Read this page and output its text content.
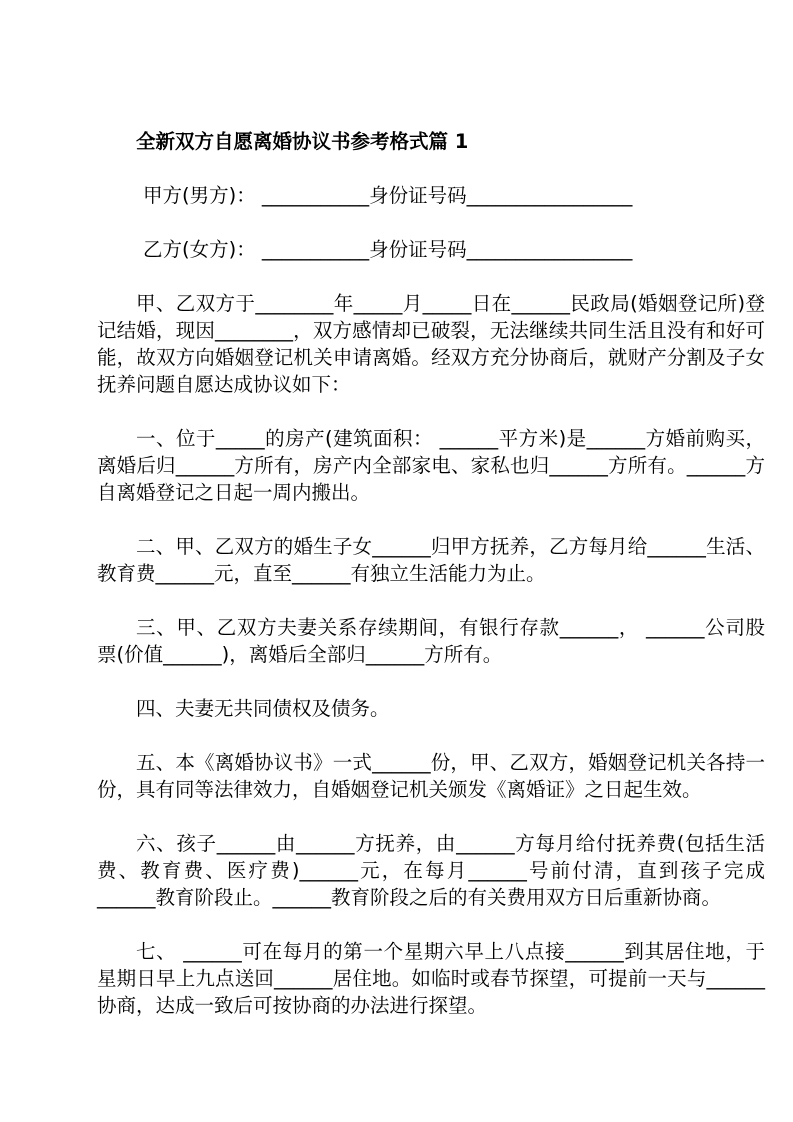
全新双方自愿离婚协议书参考格式篇 1

甲方(男方)： ___________身份证号码_________________

乙方(女方)： ___________身份证号码_________________

甲、乙双方于________年_____月_____日在______民政局(婚姻登记所)登记结婚，现因________，双方感情却已破裂，无法继续共同生活且没有和好可能，故双方向婚姻登记机关申请离婚。经双方充分协商后，就财产分割及子女抚养问题自愿达成协议如下：

一、位于_____的房产(建筑面积： ______平方米)是______方婚前购买，离婚后归______方所有，房产内全部家电、家私也归______方所有。______方自离婚登记之日起一周内搬出。

二、甲、乙双方的婚生子女______归甲方抚养，乙方每月给______生活、教育费______元，直至______有独立生活能力为止。

三、甲、乙双方夫妻关系存续期间，有银行存款______， ______公司股票(价值______)，离婚后全部归______方所有。

四、夫妻无共同债权及债务。

五、本《离婚协议书》一式______份，甲、乙双方，婚姻登记机关各持一份，具有同等法律效力，自婚姻登记机关颁发《离婚证》之日起生效。

六、孩子______由______方抚养，由______方每月给付抚养费(包括生活费、教育费、医疗费)______元，在每月______号前付清，直到孩子完成______教育阶段止。______教育阶段之后的有关费用双方日后重新协商。

七、 ______可在每月的第一个星期六早上八点接______到其居住地，于星期日早上九点送回______居住地。如临时或春节探望，可提前一天与______协商，达成一致后可按协商的办法进行探望。
